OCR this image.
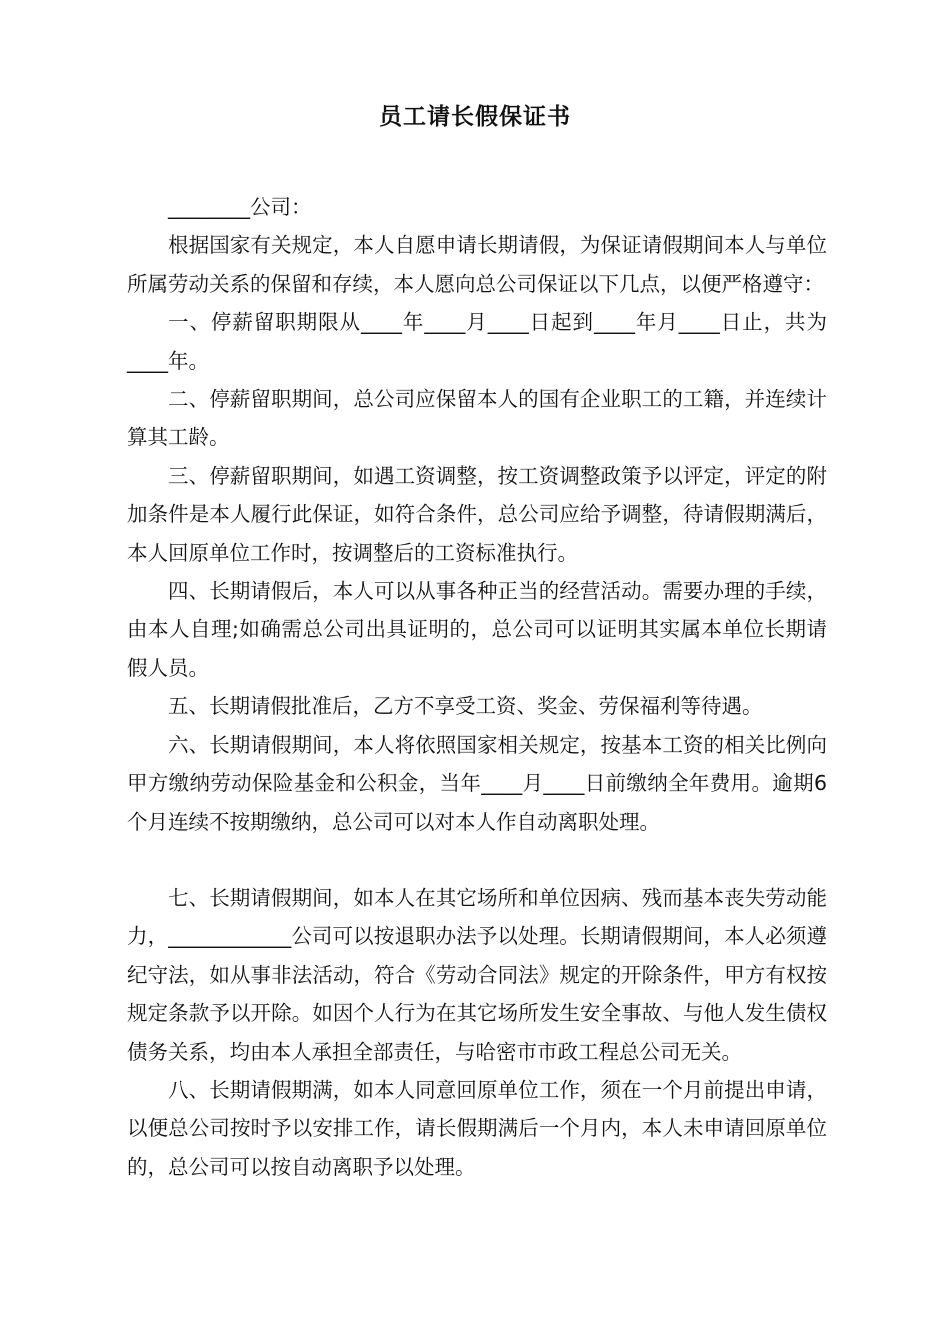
员工请长假保证书

________公司：

根据国家有关规定，本人自愿申请长期请假，为保证请假期间本人与单位所属劳动关系的保留和存续，本人愿向总公司保证以下几点，以便严格遵守：

一、停薪留职期限从____年____月____日起到____年月____日止，共为____年。

二、停薪留职期间，总公司应保留本人的国有企业职工的工籍，并连续计算其工龄。

三、停薪留职期间，如遇工资调整，按工资调整政策予以评定，评定的附加条件是本人履行此保证，如符合条件，总公司应给予调整，待请假期满后，本人回原单位工作时，按调整后的工资标准执行。

四、长期请假后，本人可以从事各种正当的经营活动。需要办理的手续，由本人自理;如确需总公司出具证明的，总公司可以证明其实属本单位长期请假人员。

五、长期请假批准后，乙方不享受工资、奖金、劳保福利等待遇。

六、长期请假期间，本人将依照国家相关规定，按基本工资的相关比例向甲方缴纳劳动保险基金和公积金，当年____月____日前缴纳全年费用。逾期6个月连续不按期缴纳，总公司可以对本人作自动离职处理。

七、长期请假期间，如本人在其它场所和单位因病、残而基本丧失劳动能力，____________公司可以按退职办法予以处理。长期请假期间，本人必须遵纪守法，如从事非法活动，符合《劳动合同法》规定的开除条件，甲方有权按规定条款予以开除。如因个人行为在其它场所发生安全事故、与他人发生债权债务关系，均由本人承担全部责任，与哈密市市政工程总公司无关。

八、长期请假期满，如本人同意回原单位工作，须在一个月前提出申请，以便总公司按时予以安排工作，请长假期满后一个月内，本人未申请回原单位的，总公司可以按自动离职予以处理。
